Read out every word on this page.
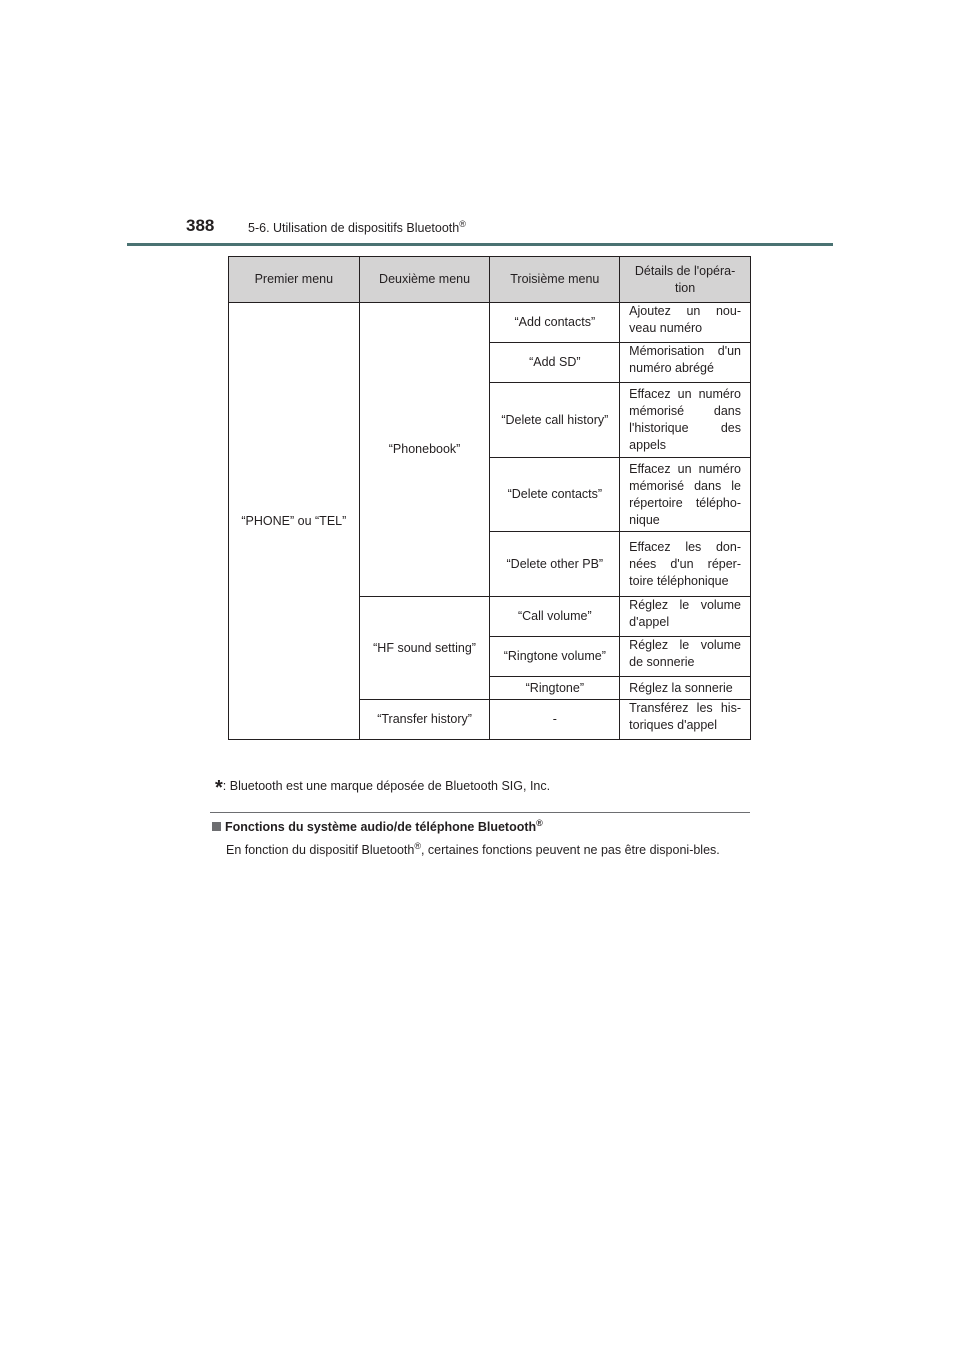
388	5-6. Utilisation de dispositifs Bluetooth®
Premier menu	Deuxième menu	Troisième menu	Détails de l'opéra-tion
“PHONE” ou “TEL”	“Phonebook”	“Add contacts”	Ajoutez un nou-veau numéro
		“Add SD”	Mémorisation d'un numéro abrégé
		“Delete call history”	Effacez un numéro mémorisé dans l'historique des appels
		“Delete contacts”	Effacez un numéro mémorisé dans le répertoire télépho-nique
		“Delete other PB”	Effacez les don-nées d'un réper-toire téléphonique
	“HF sound setting”	“Call volume”	Réglez le volume d'appel
		“Ringtone volume”	Réglez le volume de sonnerie
		“Ringtone”	Réglez la sonnerie
	“Transfer history”	-	Transférez les his-toriques d'appel
*: Bluetooth est une marque déposée de Bluetooth SIG, Inc.
Fonctions du système audio/de téléphone Bluetooth®
En fonction du dispositif Bluetooth®, certaines fonctions peuvent ne pas être disponi-bles.
